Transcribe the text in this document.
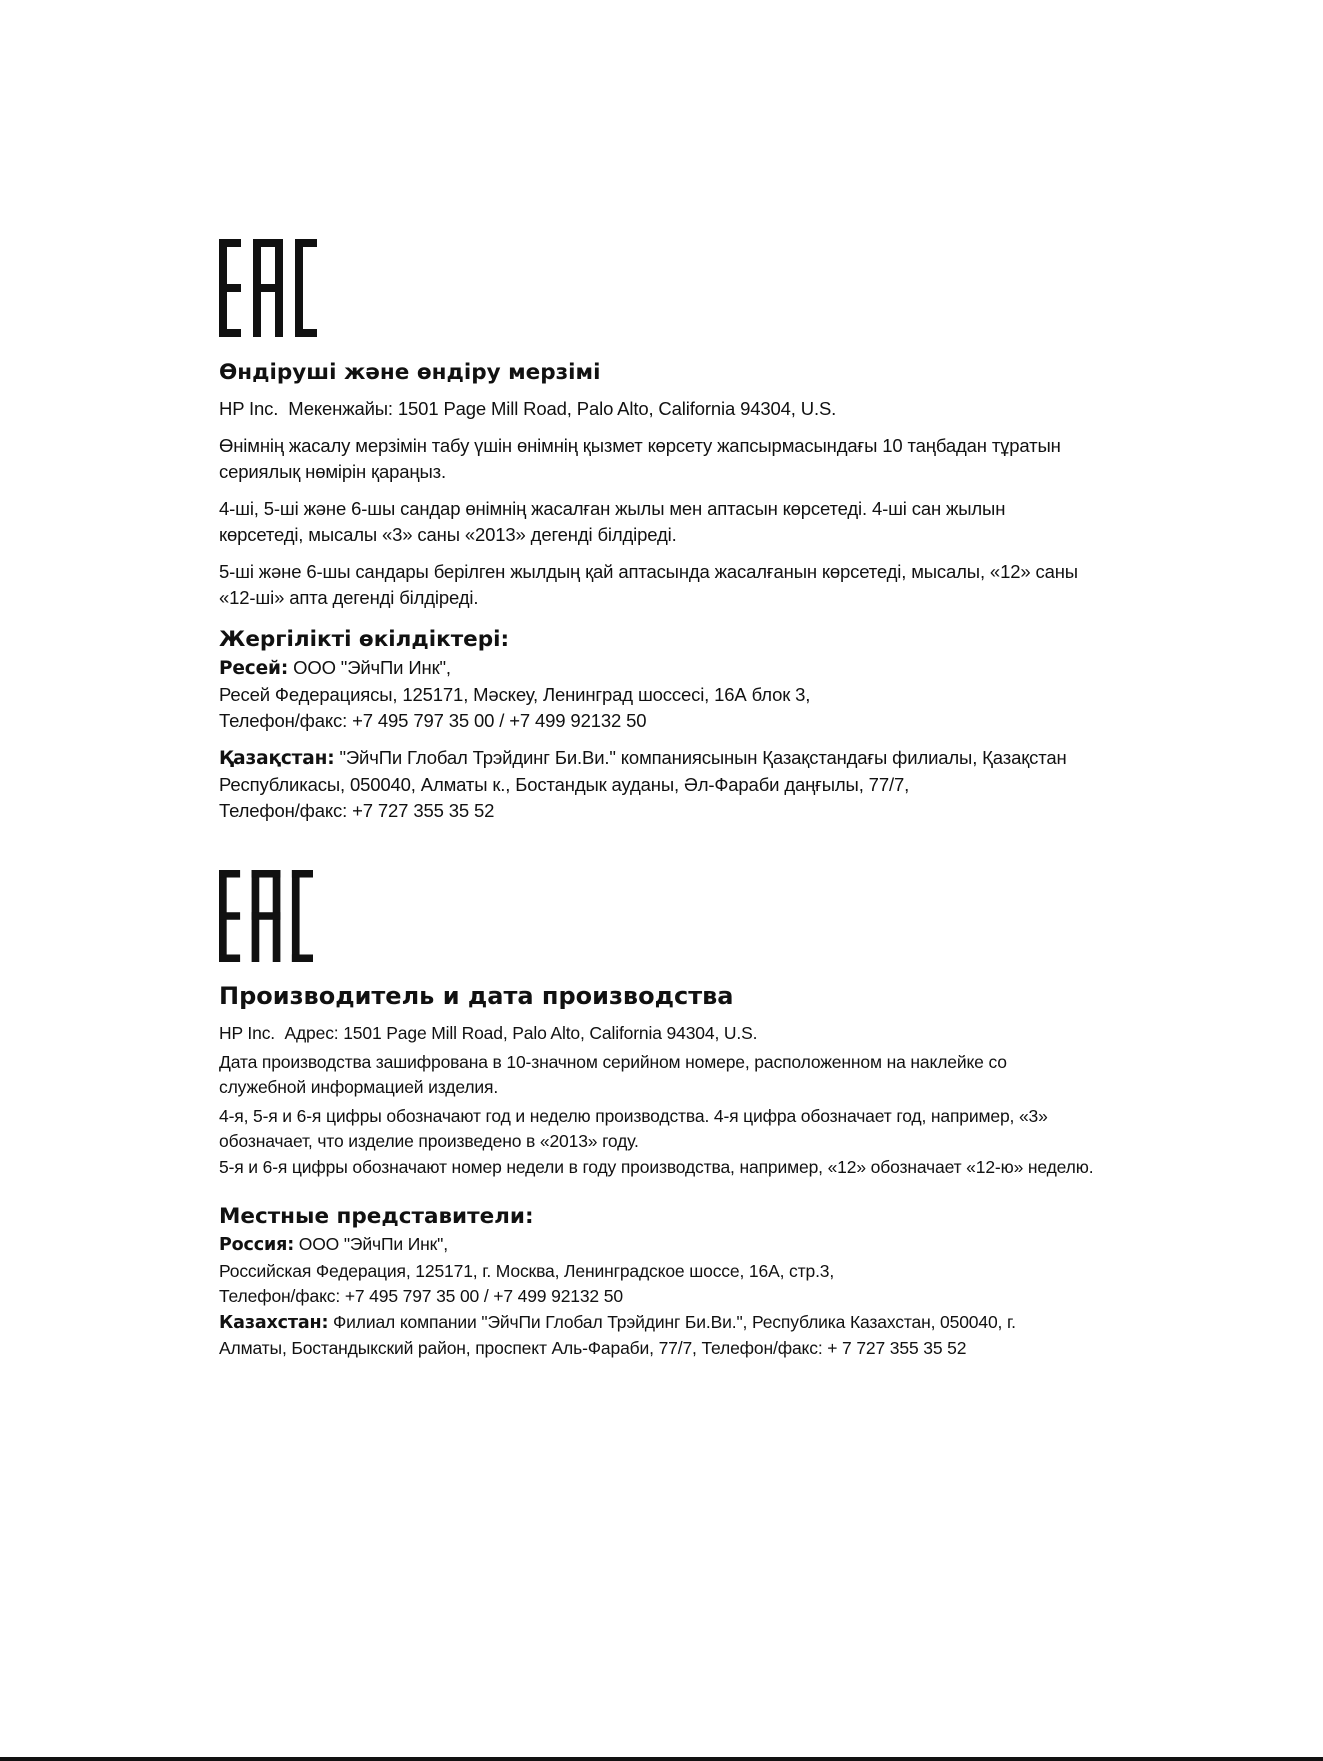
Өндіруші және өндіру мерзімі

HP Inc. Мекенжайы: 1501 Page Mill Road, Palo Alto, California 94304, U.S.

Өнімнің жасалу мерзімін табу үшін өнімнің қызмет көрсету жапсырмасындағы 10 таңбадан тұратын
сериялық нөмірін қараңыз.

4-ші, 5-ші және 6-шы сандар өнімнің жасалған жылы мен аптасын көрсетеді. 4-ші сан жылын
көрсетеді, мысалы «3» саны «2013» дегенді білдіреді.

5-ші және 6-шы сандары берілген жылдың қай аптасында жасалғанын көрсетеді, мысалы, «12» саны
«12-ші» апта дегенді білдіреді.

Жергілікті өкілдіктері:

Ресей: ООО "ЭйчПи Инк",
Ресей Федерациясы, 125171, Мәскеу, Ленинград шоссесі, 16А блок 3,
Телефон/факс: +7 495 797 35 00 / +7 499 92132 50

Қазақстан: "ЭйчПи Глобал Трэйдинг Би.Ви." компаниясынын Қазақстандағы филиалы, Қазақстан
Республикасы, 050040, Алматы к., Бостандык ауданы, Әл-Фараби даңғылы, 77/7,
Телефон/факс: +7 727 355 35 52

Производитель и дата производства

HP Inc. Адрес: 1501 Page Mill Road, Palo Alto, California 94304, U.S.

Дата производства зашифрована в 10-значном серийном номере, расположенном на наклейке со
служебной информацией изделия.

4-я, 5-я и 6-я цифры обозначают год и неделю производства. 4-я цифра обозначает год, например, «3»
обозначает, что изделие произведено в «2013» году.

5-я и 6-я цифры обозначают номер недели в году производства, например, «12» обозначает «12-ю» неделю.

Местные представители:

Россия: ООО "ЭйчПи Инк",
Российская Федерация, 125171, г. Москва, Ленинградское шоссе, 16А, стр.3,
Телефон/факс: +7 495 797 35 00 / +7 499 92132 50

Казахстан: Филиал компании "ЭйчПи Глобал Трэйдинг Би.Ви.", Республика Казахстан, 050040, г.
Алматы, Бостандыкский район, проспект Аль-Фараби, 77/7, Телефон/факс: + 7 727 355 35 52
